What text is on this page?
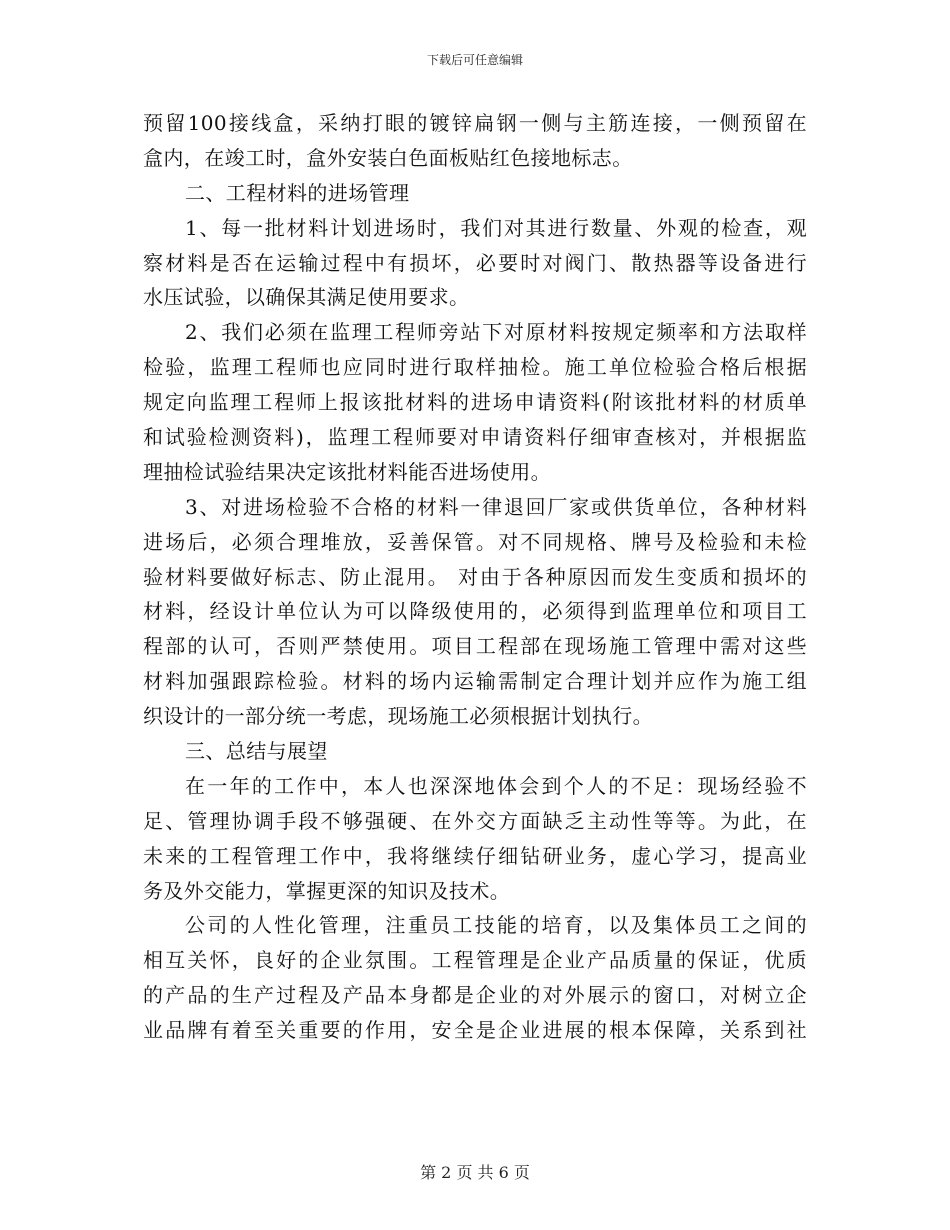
下载后可任意编辑
预留100接线盒，采纳打眼的镀锌扁钢一侧与主筋连接，一侧预留在
盒内，在竣工时，盒外安装白色面板贴红色接地标志。
二、工程材料的进场管理
1、每一批材料计划进场时，我们对其进行数量、外观的检查，观
察材料是否在运输过程中有损坏，必要时对阀门、散热器等设备进行
水压试验，以确保其满足使用要求。
2、我们必须在监理工程师旁站下对原材料按规定频率和方法取样
检验，监理工程师也应同时进行取样抽检。施工单位检验合格后根据
规定向监理工程师上报该批材料的进场申请资料(附该批材料的材质单
和试验检测资料)，监理工程师要对申请资料仔细审查核对，并根据监
理抽检试验结果决定该批材料能否进场使用。
3、对进场检验不合格的材料一律退回厂家或供货单位，各种材料
进场后，必须合理堆放，妥善保管。对不同规格、牌号及检验和未检
验材料要做好标志、防止混用。 对由于各种原因而发生变质和损坏的
材料，经设计单位认为可以降级使用的，必须得到监理单位和项目工
程部的认可，否则严禁使用。项目工程部在现场施工管理中需对这些
材料加强跟踪检验。材料的场内运输需制定合理计划并应作为施工组
织设计的一部分统一考虑，现场施工必须根据计划执行。
三、总结与展望
在一年的工作中，本人也深深地体会到个人的不足：现场经验不
足、管理协调手段不够强硬、在外交方面缺乏主动性等等。为此，在
未来的工程管理工作中，我将继续仔细钻研业务，虚心学习，提高业
务及外交能力，掌握更深的知识及技术。
公司的人性化管理，注重员工技能的培育，以及集体员工之间的
相互关怀，良好的企业氛围。工程管理是企业产品质量的保证，优质
的产品的生产过程及产品本身都是企业的对外展示的窗口，对树立企
业品牌有着至关重要的作用，安全是企业进展的根本保障，关系到社
第 2 页 共 6 页
